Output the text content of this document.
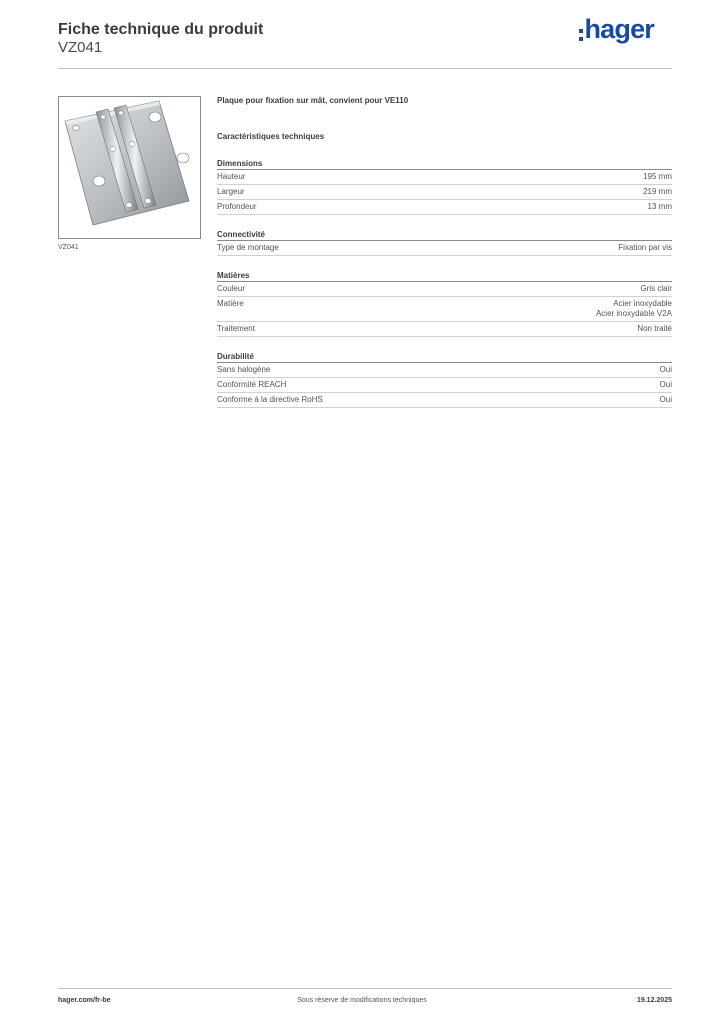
Fiche technique du produit
VZ041
hager
VZ041
Plaque pour fixation sur mât, convient pour VE110
Caractéristiques techniques
Dimensions
Hauteur	195 mm
Largeur	219 mm
Profondeur	13 mm
Connectivité
Type de montage	Fixation par vis
Matières
Couleur	Gris clair
Matière	Acier inoxydable
Acier inoxydable V2A
Traitement	Non traité
Durabilité
Sans halogène	Oui
Conformité REACH	Oui
Conforme à la directive RoHS	Oui
hager.com/fr-be	Sous réserve de modifications techniques	19.12.2025
